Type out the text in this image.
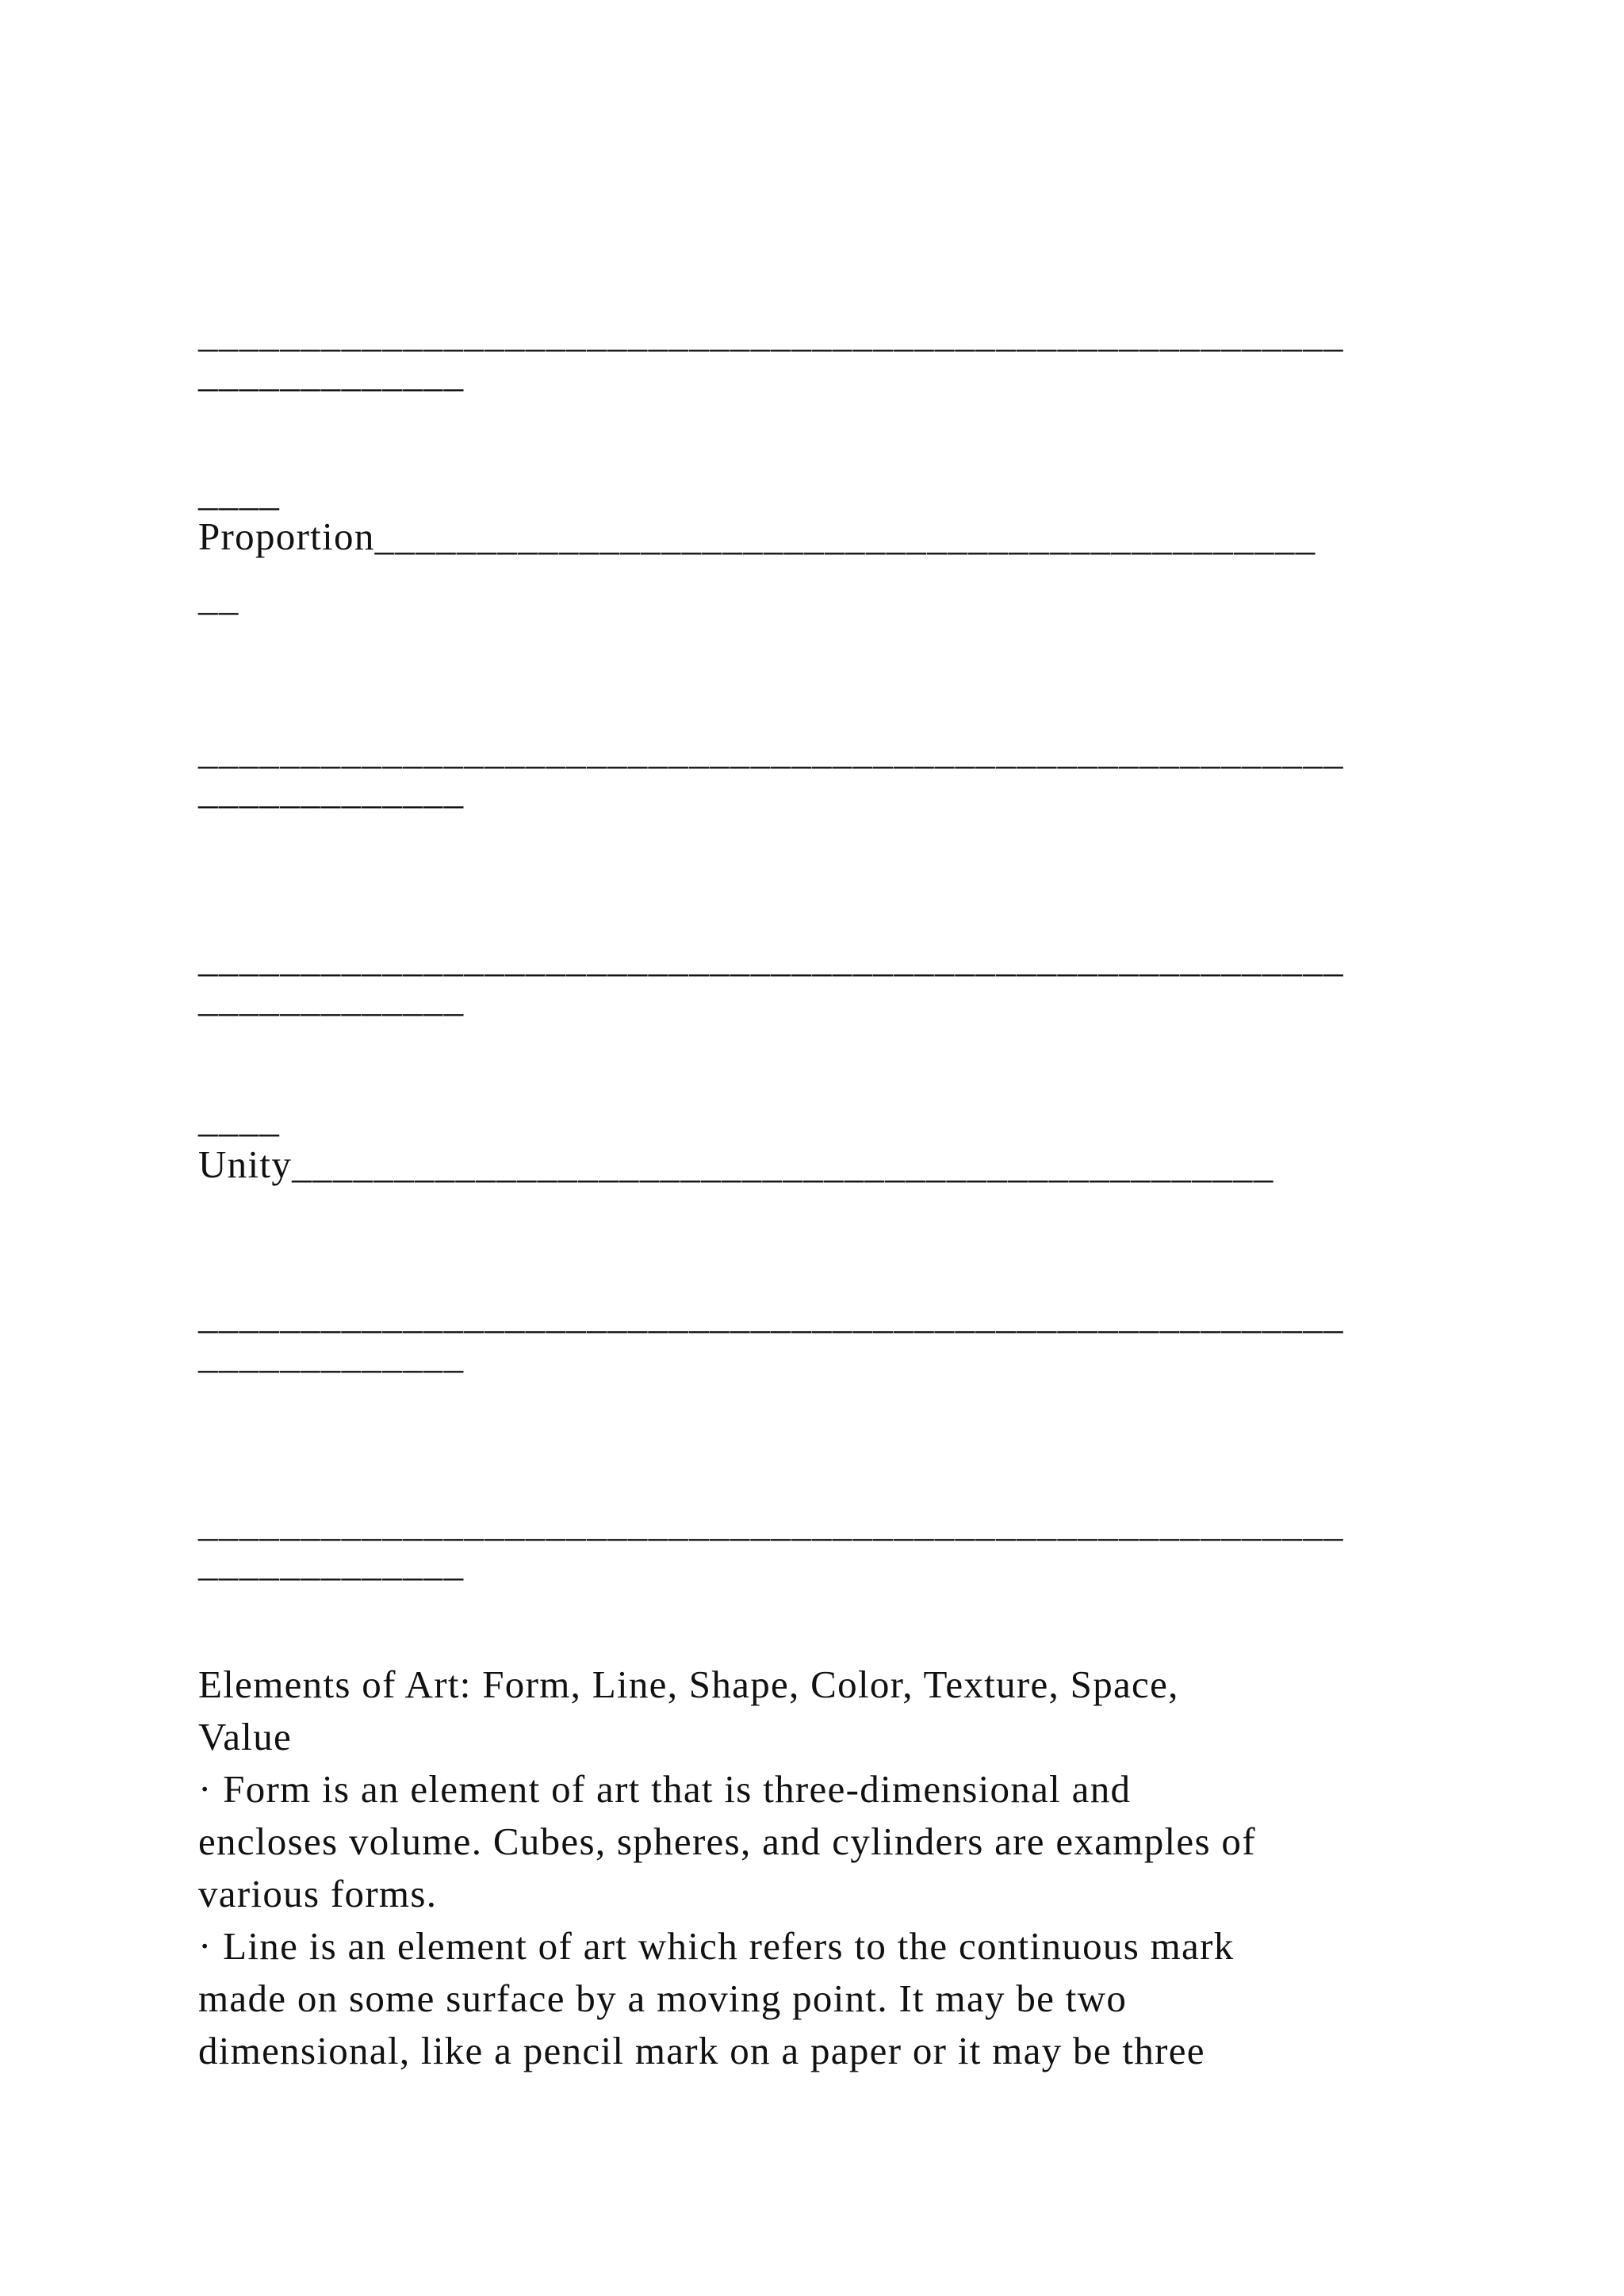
________________________________________________________
_____________
____
Proportion______________________________________________
__
________________________________________________________
_____________
________________________________________________________
_____________
____
Unity________________________________________________
________________________________________________________
_____________
________________________________________________________
_____________
Elements of Art: Form, Line, Shape, Color, Texture, Space,
Value
· Form is an element of art that is three-dimensional and
encloses volume. Cubes, spheres, and cylinders are examples of
various forms.
· Line is an element of art which refers to the continuous mark
made on some surface by a moving point. It may be two
dimensional, like a pencil mark on a paper or it may be three
